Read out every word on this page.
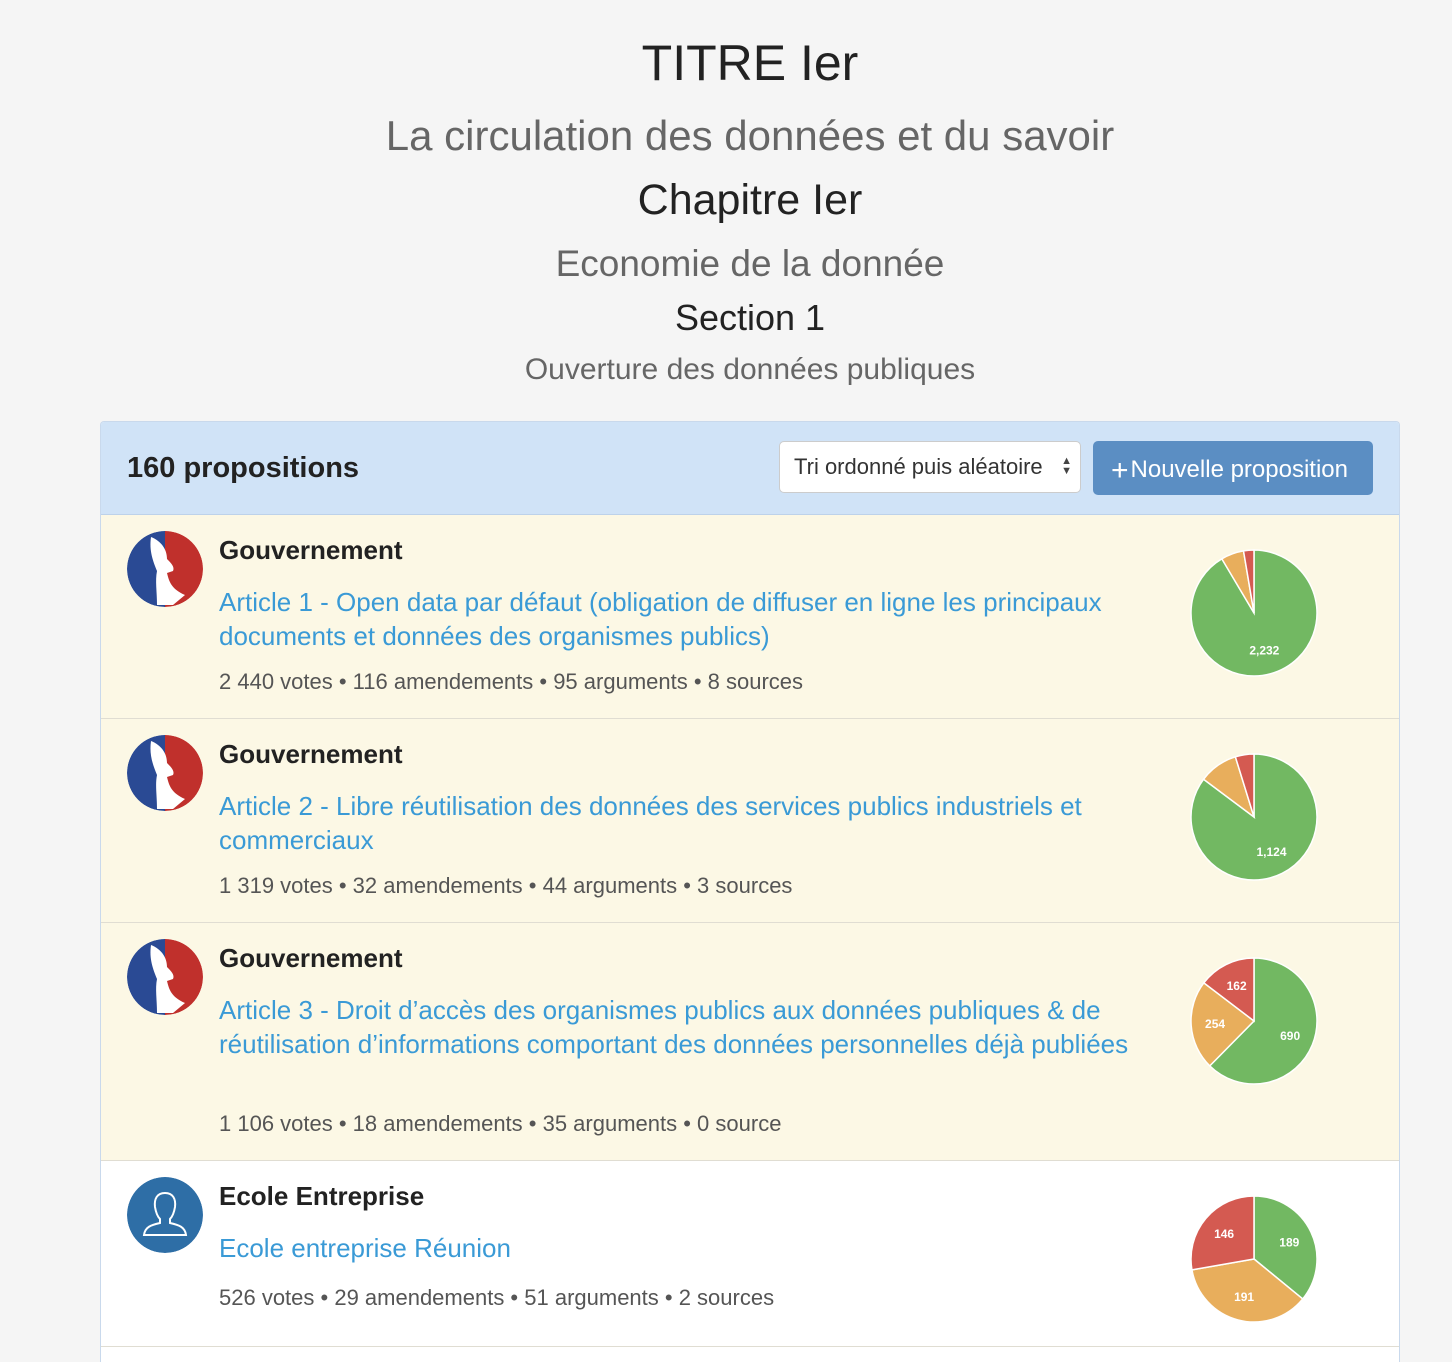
TITRE Ier
La circulation des données et du savoir
Chapitre Ier
Economie de la donnée
Section 1
Ouverture des données publiques
160 propositions	Tri ordonné puis aléatoire ▲
▼	+Nouvelle proposition
Gouvernement
Article 1 - Open data par défaut (obligation de diffuser en ligne les principaux documents et données des organismes publics)
2 440 votes • 116 amendements • 95 arguments • 8 sources
2,232
Gouvernement
Article 2 - Libre réutilisation des données des services publics industriels et commerciaux
1 319 votes • 32 amendements • 44 arguments • 3 sources
1,124
Gouvernement
Article 3 - Droit d’accès des organismes publics aux données publiques & de réutilisation d’informations comportant des données personnelles déjà publiées
1 106 votes • 18 amendements • 35 arguments • 0 source
690
254
162
Ecole Entreprise
Ecole entreprise Réunion
526 votes • 29 amendements • 51 arguments • 2 sources
189
191
146
